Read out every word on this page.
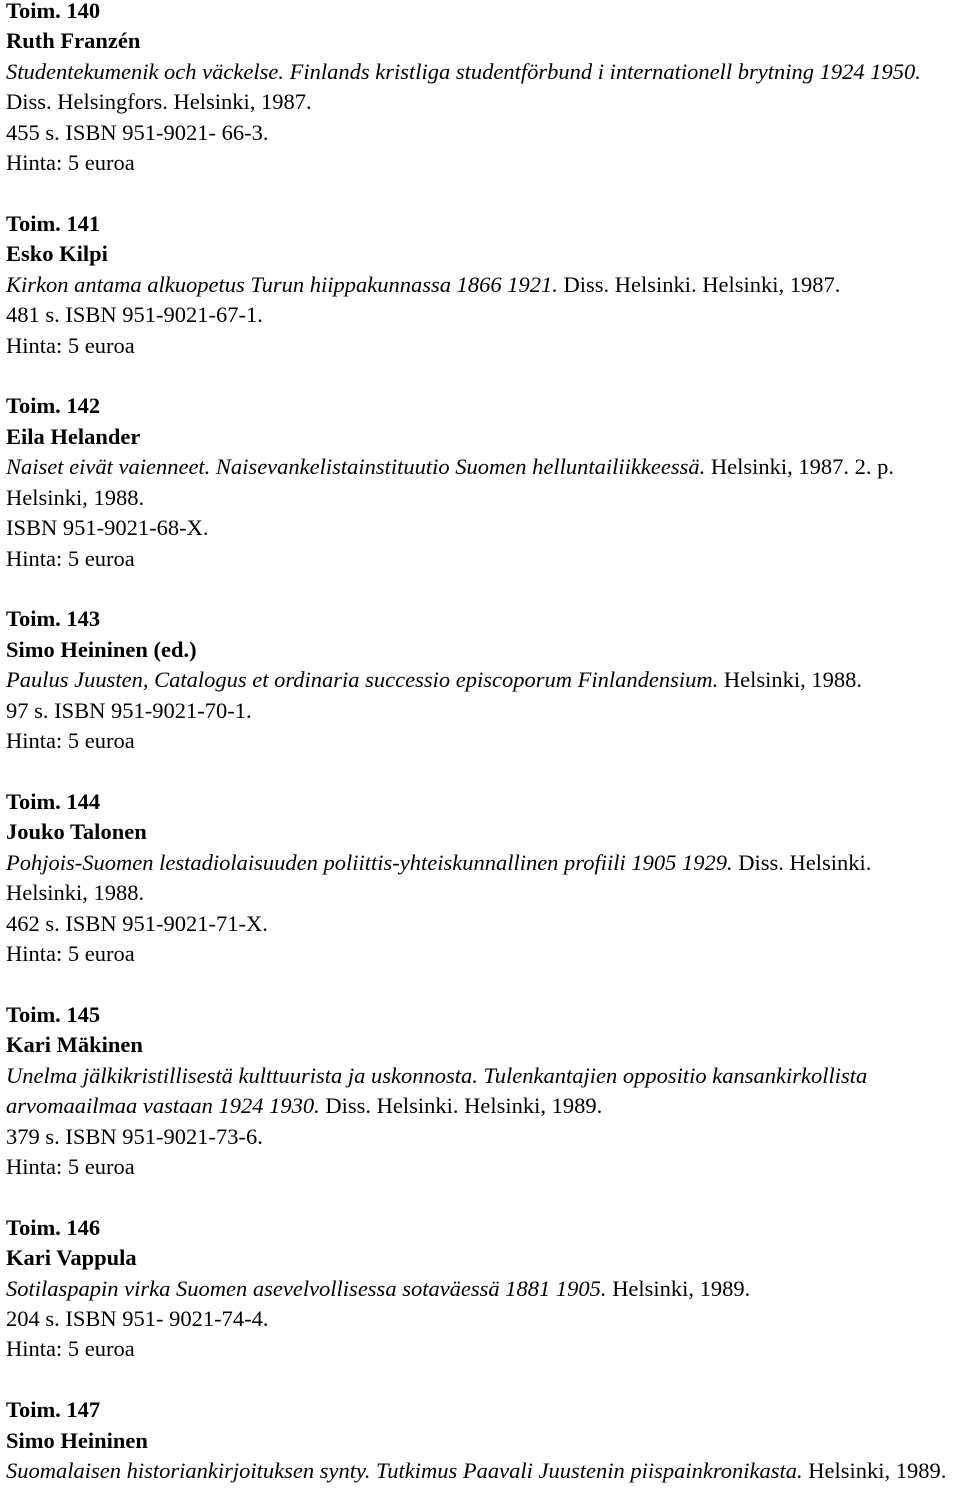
Toim. 140
Ruth Franzén
Studentekumenik och väckelse. Finlands kristliga studentförbund i internationell brytning 1924 1950. Diss. Helsingfors. Helsinki, 1987.
455 s. ISBN 951-9021- 66-3.
Hinta: 5 euroa
Toim. 141
Esko Kilpi
Kirkon antama alkuopetus Turun hiippakunnassa 1866 1921. Diss. Helsinki. Helsinki, 1987.
481 s. ISBN 951-9021-67-1.
Hinta: 5 euroa
Toim. 142
Eila Helander
Naiset eivät vaienneet. Naisevankelistainstituutio Suomen helluntailiikkeessä. Helsinki, 1987. 2. p. Helsinki, 1988.
ISBN 951-9021-68-X.
Hinta: 5 euroa
Toim. 143
Simo Heininen (ed.)
Paulus Juusten, Catalogus et ordinaria successio episcoporum Finlandensium. Helsinki, 1988.
97 s. ISBN 951-9021-70-1.
Hinta: 5 euroa
Toim. 144
Jouko Talonen
Pohjois-Suomen lestadiolaisuuden poliittis-yhteiskunnallinen profiili 1905 1929. Diss. Helsinki. Helsinki, 1988.
462 s. ISBN 951-9021-71-X.
Hinta: 5 euroa
Toim. 145
Kari Mäkinen
Unelma jälkikristillisestä kulttuurista ja uskonnosta. Tulenkantajien oppositio kansankirkollista arvomaailmaa vastaan 1924 1930. Diss. Helsinki. Helsinki, 1989.
379 s. ISBN 951-9021-73-6.
Hinta: 5 euroa
Toim. 146
Kari Vappula
Sotilaspapin virka Suomen asevelvollisessa sotaväessä 1881 1905. Helsinki, 1989.
204 s. ISBN 951- 9021-74-4.
Hinta: 5 euroa
Toim. 147
Simo Heininen
Suomalaisen historiankirjoituksen synty. Tutkimus Paavali Juustenin piispainkronikasta. Helsinki, 1989.
